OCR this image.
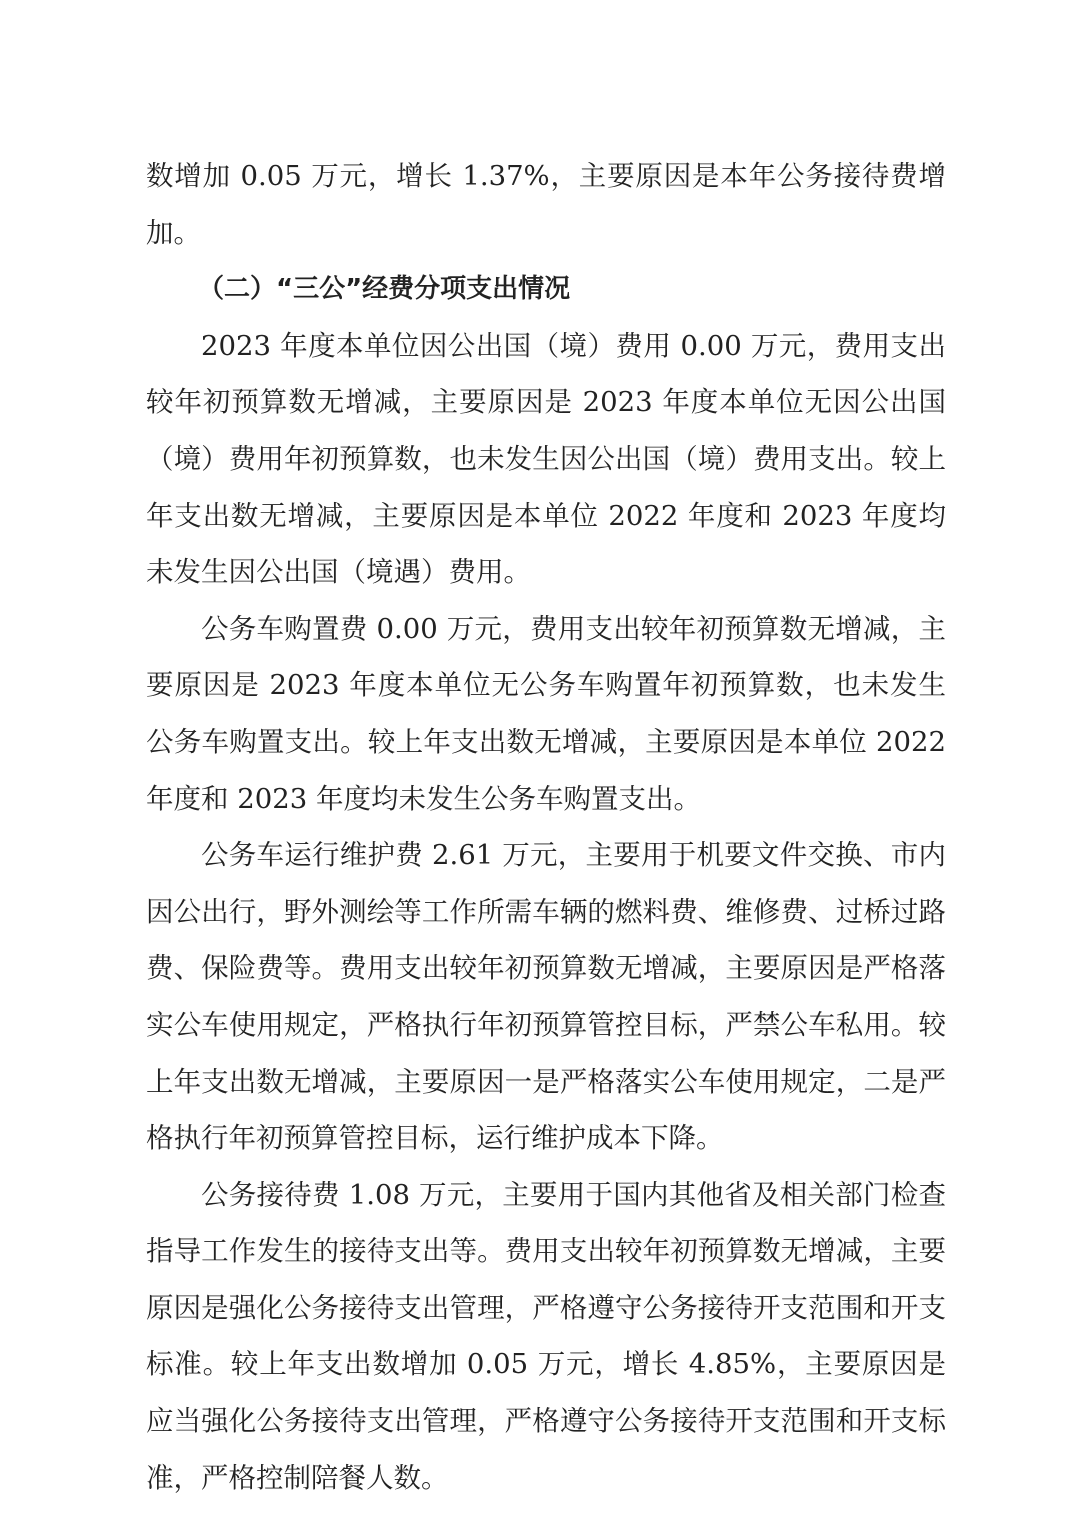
数增加 0.05 万元，增长 1.37%，主要原因是本年公务接待费增加。

（二）“三公”经费分项支出情况

2023 年度本单位因公出国（境）费用 0.00 万元，费用支出较年初预算数无增减，主要原因是 2023 年度本单位无因公出国（境）费用年初预算数，也未发生因公出国（境）费用支出。较上年支出数无增减，主要原因是本单位 2022 年度和 2023 年度均未发生因公出国（境遇）费用。

公务车购置费 0.00 万元，费用支出较年初预算数无增减，主要原因是 2023 年度本单位无公务车购置年初预算数，也未发生公务车购置支出。较上年支出数无增减，主要原因是本单位 2022 年度和 2023 年度均未发生公务车购置支出。

公务车运行维护费 2.61 万元，主要用于机要文件交换、市内因公出行，野外测绘等工作所需车辆的燃料费、维修费、过桥过路费、保险费等。费用支出较年初预算数无增减，主要原因是严格落实公车使用规定，严格执行年初预算管控目标，严禁公车私用。较上年支出数无增减，主要原因一是严格落实公车使用规定，二是严格执行年初预算管控目标，运行维护成本下降。

公务接待费 1.08 万元，主要用于国内其他省及相关部门检查指导工作发生的接待支出等。费用支出较年初预算数无增减，主要原因是强化公务接待支出管理，严格遵守公务接待开支范围和开支标准。较上年支出数增加 0.05 万元，增长 4.85%，主要原因是应当强化公务接待支出管理，严格遵守公务接待开支范围和开支标准，严格控制陪餐人数。
